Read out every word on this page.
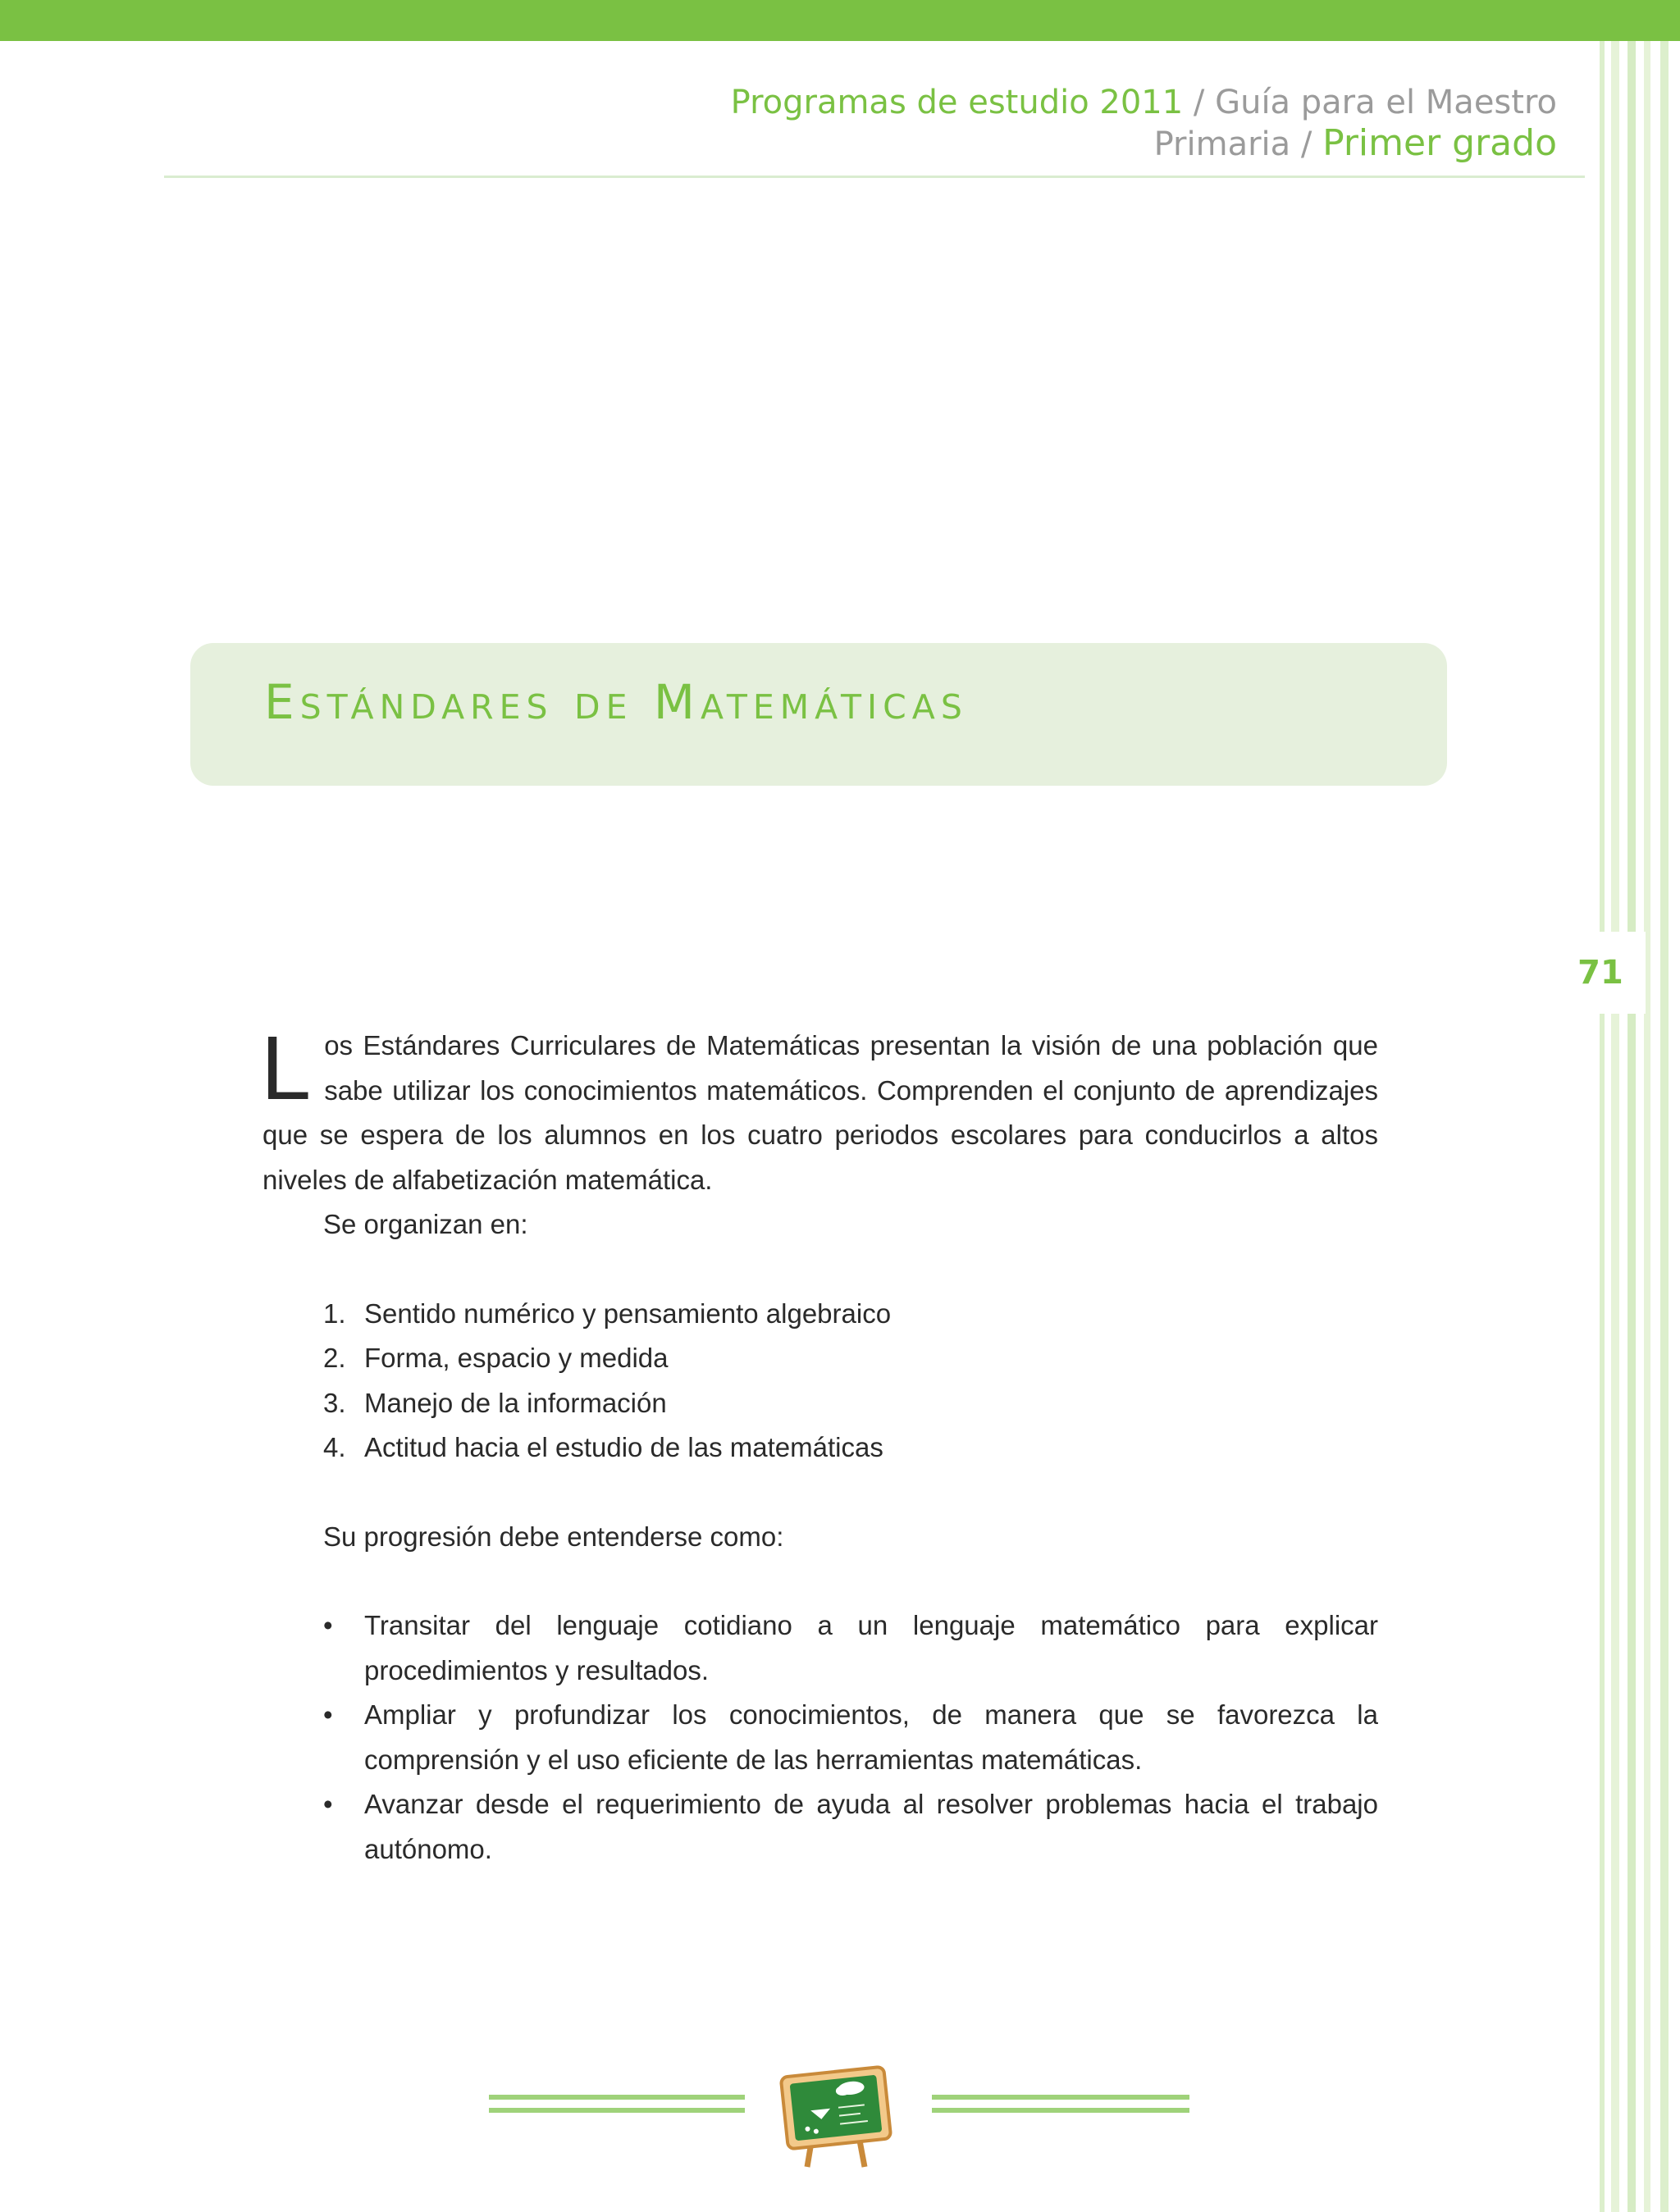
Programas de estudio 2011 / Guía para el Maestro
Primaria / Primer grado
71
Estándares de Matemáticas

Los Estándares Curriculares de Matemáticas presentan la visión de una población que sabe utilizar los conocimientos matemáticos. Comprenden el conjunto de aprendizajes que se espera de los alumnos en los cuatro periodos escolares para conducirlos a altos niveles de alfabetización matemática.

Se organizan en:

1. Sentido numérico y pensamiento algebraico
2. Forma, espacio y medida
3. Manejo de la información
4. Actitud hacia el estudio de las matemáticas

Su progresión debe entenderse como:

• Transitar del lenguaje cotidiano a un lenguaje matemático para explicar procedimientos y resultados.
• Ampliar y profundizar los conocimientos, de manera que se favorezca la comprensión y el uso eficiente de las herramientas matemáticas.
• Avanzar desde el requerimiento de ayuda al resolver problemas hacia el trabajo autónomo.
